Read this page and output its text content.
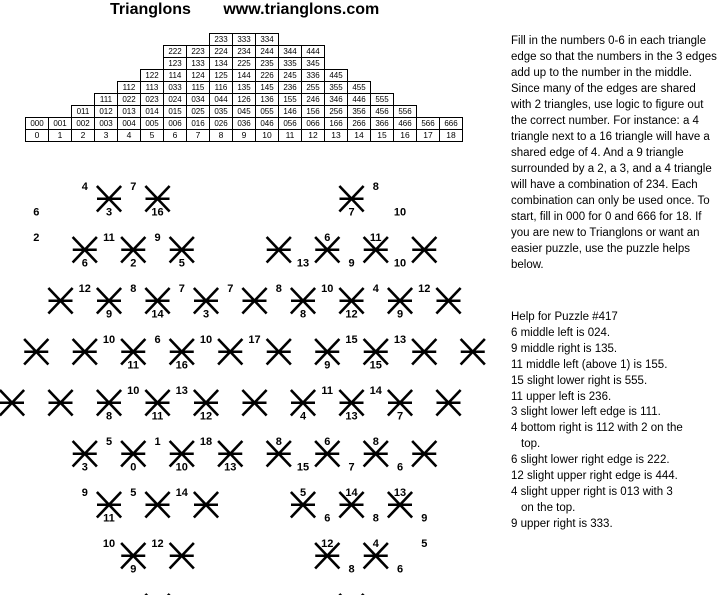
Trianglons www.trianglons.com
								233	333	334								
						222	223	224	234	244	344	444						
						123	133	134	225	235	335	345						
					122	114	124	125	144	226	245	336	445					
				112	113	033	115	116	135	145	236	255	355	455				
			111	022	023	024	034	044	126	136	155	246	346	446	555			
		011	012	013	014	015	025	035	045	055	146	156	256	356	456	556		
000	001	002	003	004	005	006	016	026	036	046	056	066	166	266	366	466	566	666
0	1	2	3	4	5	6	7	8	9	10	11	12	13	14	15	16	17	18

Fill in the numbers 0-6 in each triangle edge so that the numbers in the 3 edges add up to the number in the middle. Since many of the edges are shared with 2 triangles, use logic to figure out the correct number. For instance: a 4 triangle next to a 16 triangle will have a shared edge of 4. And a 9 triangle surrounded by a 2, a 3, and a 4 triangle will have a combination of 234. Each combination can only be used once. To start, fill in 000 for 0 and 666 for 18. If you are new to Trianglons or want an easier puzzle, use the puzzle helps below.

Help for Puzzle #417

6 middle left is 024.

9 middle right is 135.

11 middle left (above 1) is 155.

15 slight lower right is 555.

11 upper left is 236.

3 slight lower left edge is 111.

4 bottom right is 112 with 2 on the

top.

6 slight lower right edge is 222.

12 slight upper right edge is 444.

4 slight upper right is 013 with 3

on the top.

9 upper right is 333.

4	7
6	3	16
2	11	9
6	2	5
12	8	7	7
9	14	3
10	6	10	17
11	16
10	13
8	11	12
5	1	18
3	0	10	13
9	5	14
11
10	12
9
8
7	10
6	11
13	9	10
8	10	4	12
8	12	9
15	13
9	15
11	14
4	13	7
8	6	8
15	7	6
5	14	13
6	8	9
12	4	5
8	6
